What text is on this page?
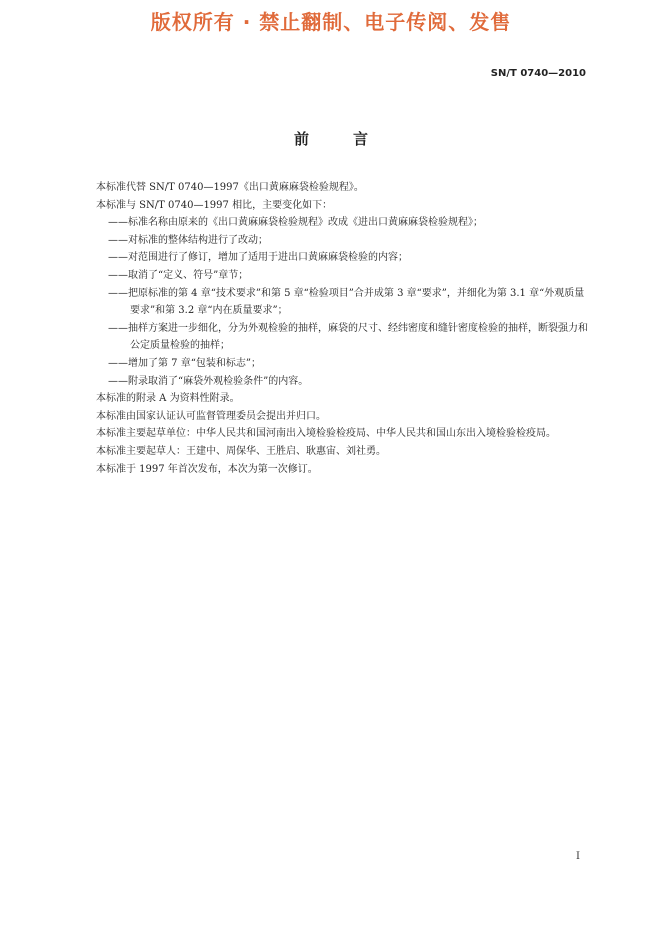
版权所有 · 禁止翻制、电子传阅、发售
SN/T 0740—2010
前	言

本标准代替 SN/T 0740—1997《出口黄麻麻袋检验规程》。

本标准与 SN/T 0740—1997 相比，主要变化如下：

——标准名称由原来的《出口黄麻麻袋检验规程》改成《进出口黄麻麻袋检验规程》；

——对标准的整体结构进行了改动；

——对范围进行了修订，增加了适用于进出口黄麻麻袋检验的内容；

——取消了“定义、符号”章节；

——把原标准的第 4 章“技术要求”和第 5 章“检验项目”合并成第 3 章“要求”，并细化为第 3.1 章“外观质量要求”和第 3.2 章“内在质量要求”；

——抽样方案进一步细化，分为外观检验的抽样，麻袋的尺寸、经纬密度和缝针密度检验的抽样，断裂强力和公定质量检验的抽样；

——增加了第 7 章“包装和标志”；

——附录取消了“麻袋外观检验条件”的内容。

本标准的附录 A 为资料性附录。

本标准由国家认证认可监督管理委员会提出并归口。

本标准主要起草单位：中华人民共和国河南出入境检验检疫局、中华人民共和国山东出入境检验检疫局。

本标准主要起草人：王建中、周保华、王胜启、耿惠宙、刘社勇。

本标准于 1997 年首次发布，本次为第一次修订。

I
